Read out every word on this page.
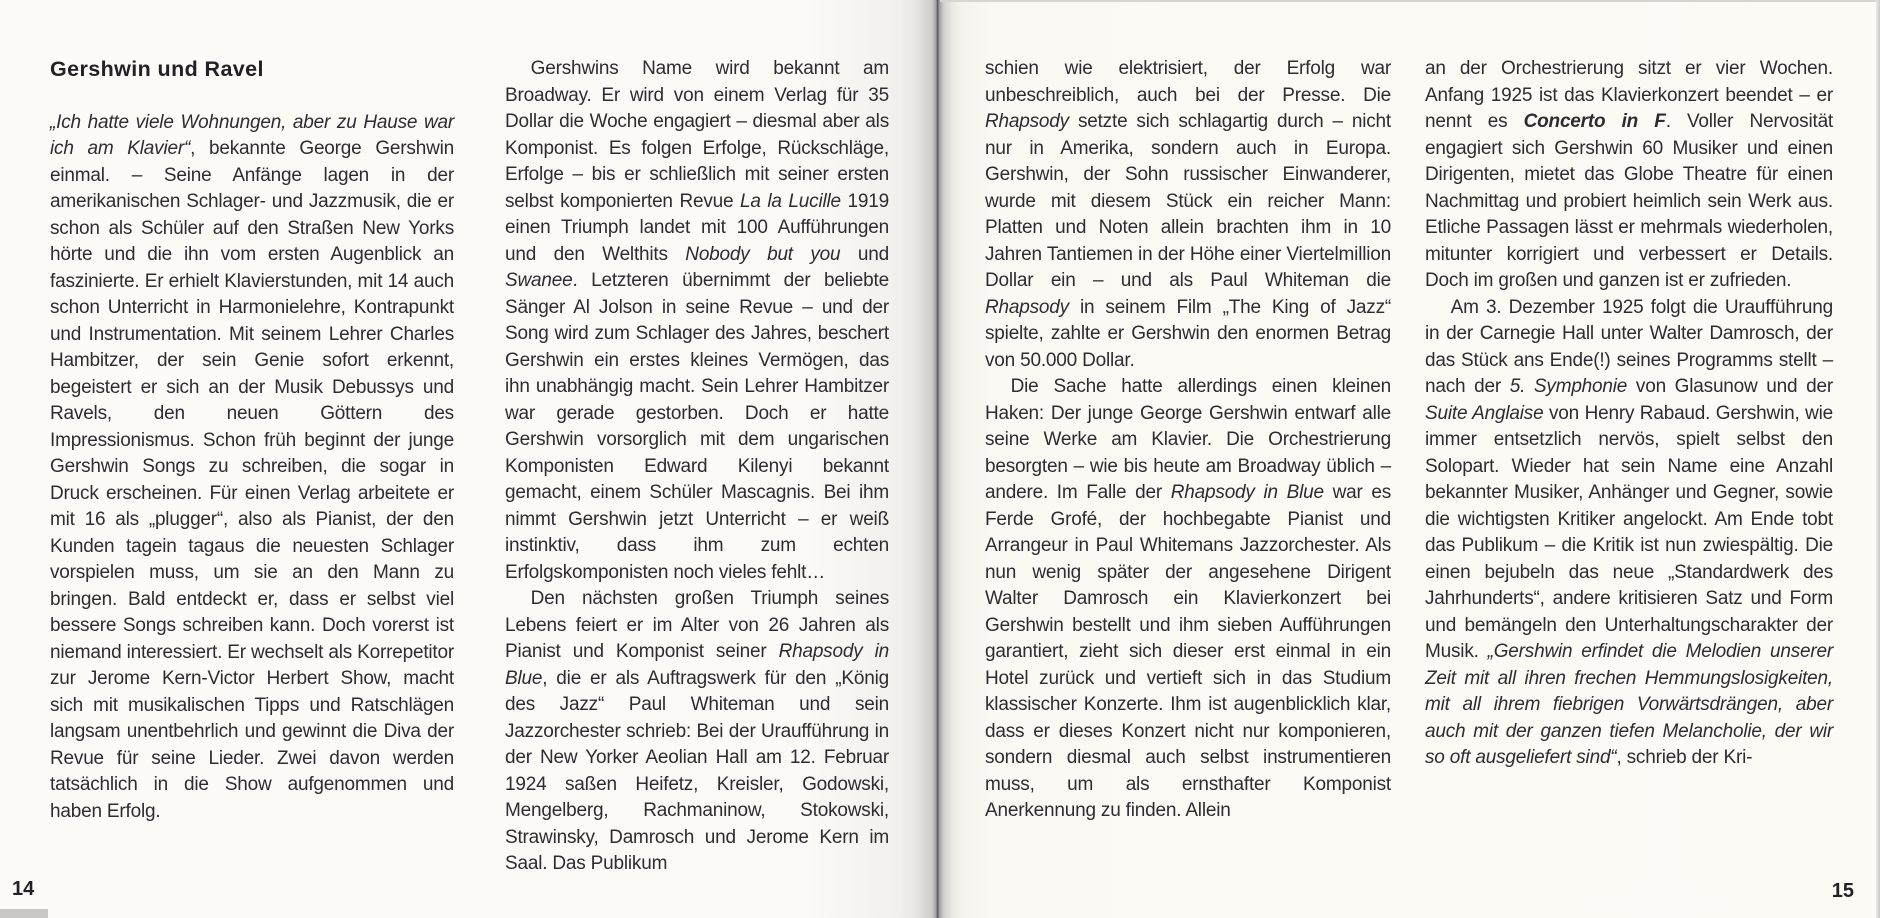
Gershwin und Ravel

„Ich hatte viele Wohnungen, aber zu Hause war ich am Klavier“, bekannte George Gershwin einmal. – Seine Anfänge lagen in der amerikanischen Schlager- und Jazzmusik, die er schon als Schüler auf den Straßen New Yorks hörte und die ihn vom ersten Augenblick an faszinierte. Er erhielt Klavierstunden, mit 14 auch schon Unterricht in Harmonielehre, Kontrapunkt und Instrumentation. Mit seinem Lehrer Charles Hambitzer, der sein Genie sofort erkennt, begeistert er sich an der Musik Debussys und Ravels, den neuen Göttern des Impressionismus. Schon früh beginnt der junge Gershwin Songs zu schreiben, die sogar in Druck erscheinen. Für einen Verlag arbeitete er mit 16 als „plugger“, also als Pianist, der den Kunden tagein tagaus die neuesten Schlager vorspielen muss, um sie an den Mann zu bringen. Bald entdeckt er, dass er selbst viel bessere Songs schreiben kann. Doch vorerst ist niemand interessiert. Er wechselt als Korrepetitor zur Jerome Kern-Victor Herbert Show, macht sich mit musikalischen Tipps und Ratschlägen langsam unentbehrlich und gewinnt die Diva der Revue für seine Lieder. Zwei davon werden tatsächlich in die Show aufgenommen und haben Erfolg.

Gershwins Name wird bekannt am Broadway. Er wird von einem Verlag für 35 Dollar die Woche engagiert – diesmal aber als Komponist. Es folgen Erfolge, Rückschläge, Erfolge – bis er schließlich mit seiner ersten selbst komponierten Revue La la Lucille 1919 einen Triumph landet mit 100 Aufführungen und den Welthits Nobody but you und Swanee. Letzteren übernimmt der beliebte Sänger Al Jolson in seine Revue – und der Song wird zum Schlager des Jahres, beschert Gershwin ein erstes kleines Vermögen, das ihn unabhängig macht. Sein Lehrer Hambitzer war gerade gestorben. Doch er hatte Gershwin vorsorglich mit dem ungarischen Komponisten Edward Kilenyi bekannt gemacht, einem Schüler Mascagnis. Bei ihm nimmt Gershwin jetzt Unterricht – er weiß instinktiv, dass ihm zum echten Erfolgskomponisten noch vieles fehlt…

Den nächsten großen Triumph seines Lebens feiert er im Alter von 26 Jahren als Pianist und Komponist seiner Rhapsody in Blue, die er als Auftragswerk für den „König des Jazz“ Paul Whiteman und sein Jazzorchester schrieb: Bei der Uraufführung in der New Yorker Aeolian Hall am 12. Februar 1924 saßen Heifetz, Kreisler, Godowski, Mengelberg, Rachmaninow, Stokowski, Strawinsky, Damrosch und Jerome Kern im Saal. Das Publikum

14

schien wie elektrisiert, der Erfolg war unbeschreiblich, auch bei der Presse. Die Rhapsody setzte sich schlagartig durch – nicht nur in Amerika, sondern auch in Europa. Gershwin, der Sohn russischer Einwanderer, wurde mit diesem Stück ein reicher Mann: Platten und Noten allein brachten ihm in 10 Jahren Tantiemen in der Höhe einer Viertelmillion Dollar ein – und als Paul Whiteman die Rhapsody in seinem Film „The King of Jazz“ spielte, zahlte er Gershwin den enormen Betrag von 50.000 Dollar.

Die Sache hatte allerdings einen kleinen Haken: Der junge George Gershwin entwarf alle seine Werke am Klavier. Die Orchestrierung besorgten – wie bis heute am Broadway üblich – andere. Im Falle der Rhapsody in Blue war es Ferde Grofé, der hochbegabte Pianist und Arrangeur in Paul Whitemans Jazzorchester. Als nun wenig später der angesehene Dirigent Walter Damrosch ein Klavierkonzert bei Gershwin bestellt und ihm sieben Aufführungen garantiert, zieht sich dieser erst einmal in ein Hotel zurück und vertieft sich in das Studium klassischer Konzerte. Ihm ist augenblicklich klar, dass er dieses Konzert nicht nur komponieren, sondern diesmal auch selbst instrumentieren muss, um als ernsthafter Komponist Anerkennung zu finden. Allein

an der Orchestrierung sitzt er vier Wochen. Anfang 1925 ist das Klavierkonzert beendet – er nennt es Concerto in F. Voller Nervosität engagiert sich Gershwin 60 Musiker und einen Dirigenten, mietet das Globe Theatre für einen Nachmittag und probiert heimlich sein Werk aus. Etliche Passagen lässt er mehrmals wiederholen, mitunter korrigiert und verbessert er Details. Doch im großen und ganzen ist er zufrieden.

Am 3. Dezember 1925 folgt die Uraufführung in der Carnegie Hall unter Walter Damrosch, der das Stück ans Ende(!) seines Programms stellt – nach der 5. Symphonie von Glasunow und der Suite Anglaise von Henry Rabaud. Gershwin, wie immer entsetzlich nervös, spielt selbst den Solopart. Wieder hat sein Name eine Anzahl bekannter Musiker, Anhänger und Gegner, sowie die wichtigsten Kritiker angelockt. Am Ende tobt das Publikum – die Kritik ist nun zwiespältig. Die einen bejubeln das neue „Standardwerk des Jahrhunderts“, andere kritisieren Satz und Form und bemängeln den Unterhaltungscharakter der Musik. „Gershwin erfindet die Melodien unserer Zeit mit all ihren frechen Hemmungslosigkeiten, mit all ihrem fiebrigen Vorwärtsdrängen, aber auch mit der ganzen tiefen Melancholie, der wir so oft ausgeliefert sind“, schrieb der Kri-

15
